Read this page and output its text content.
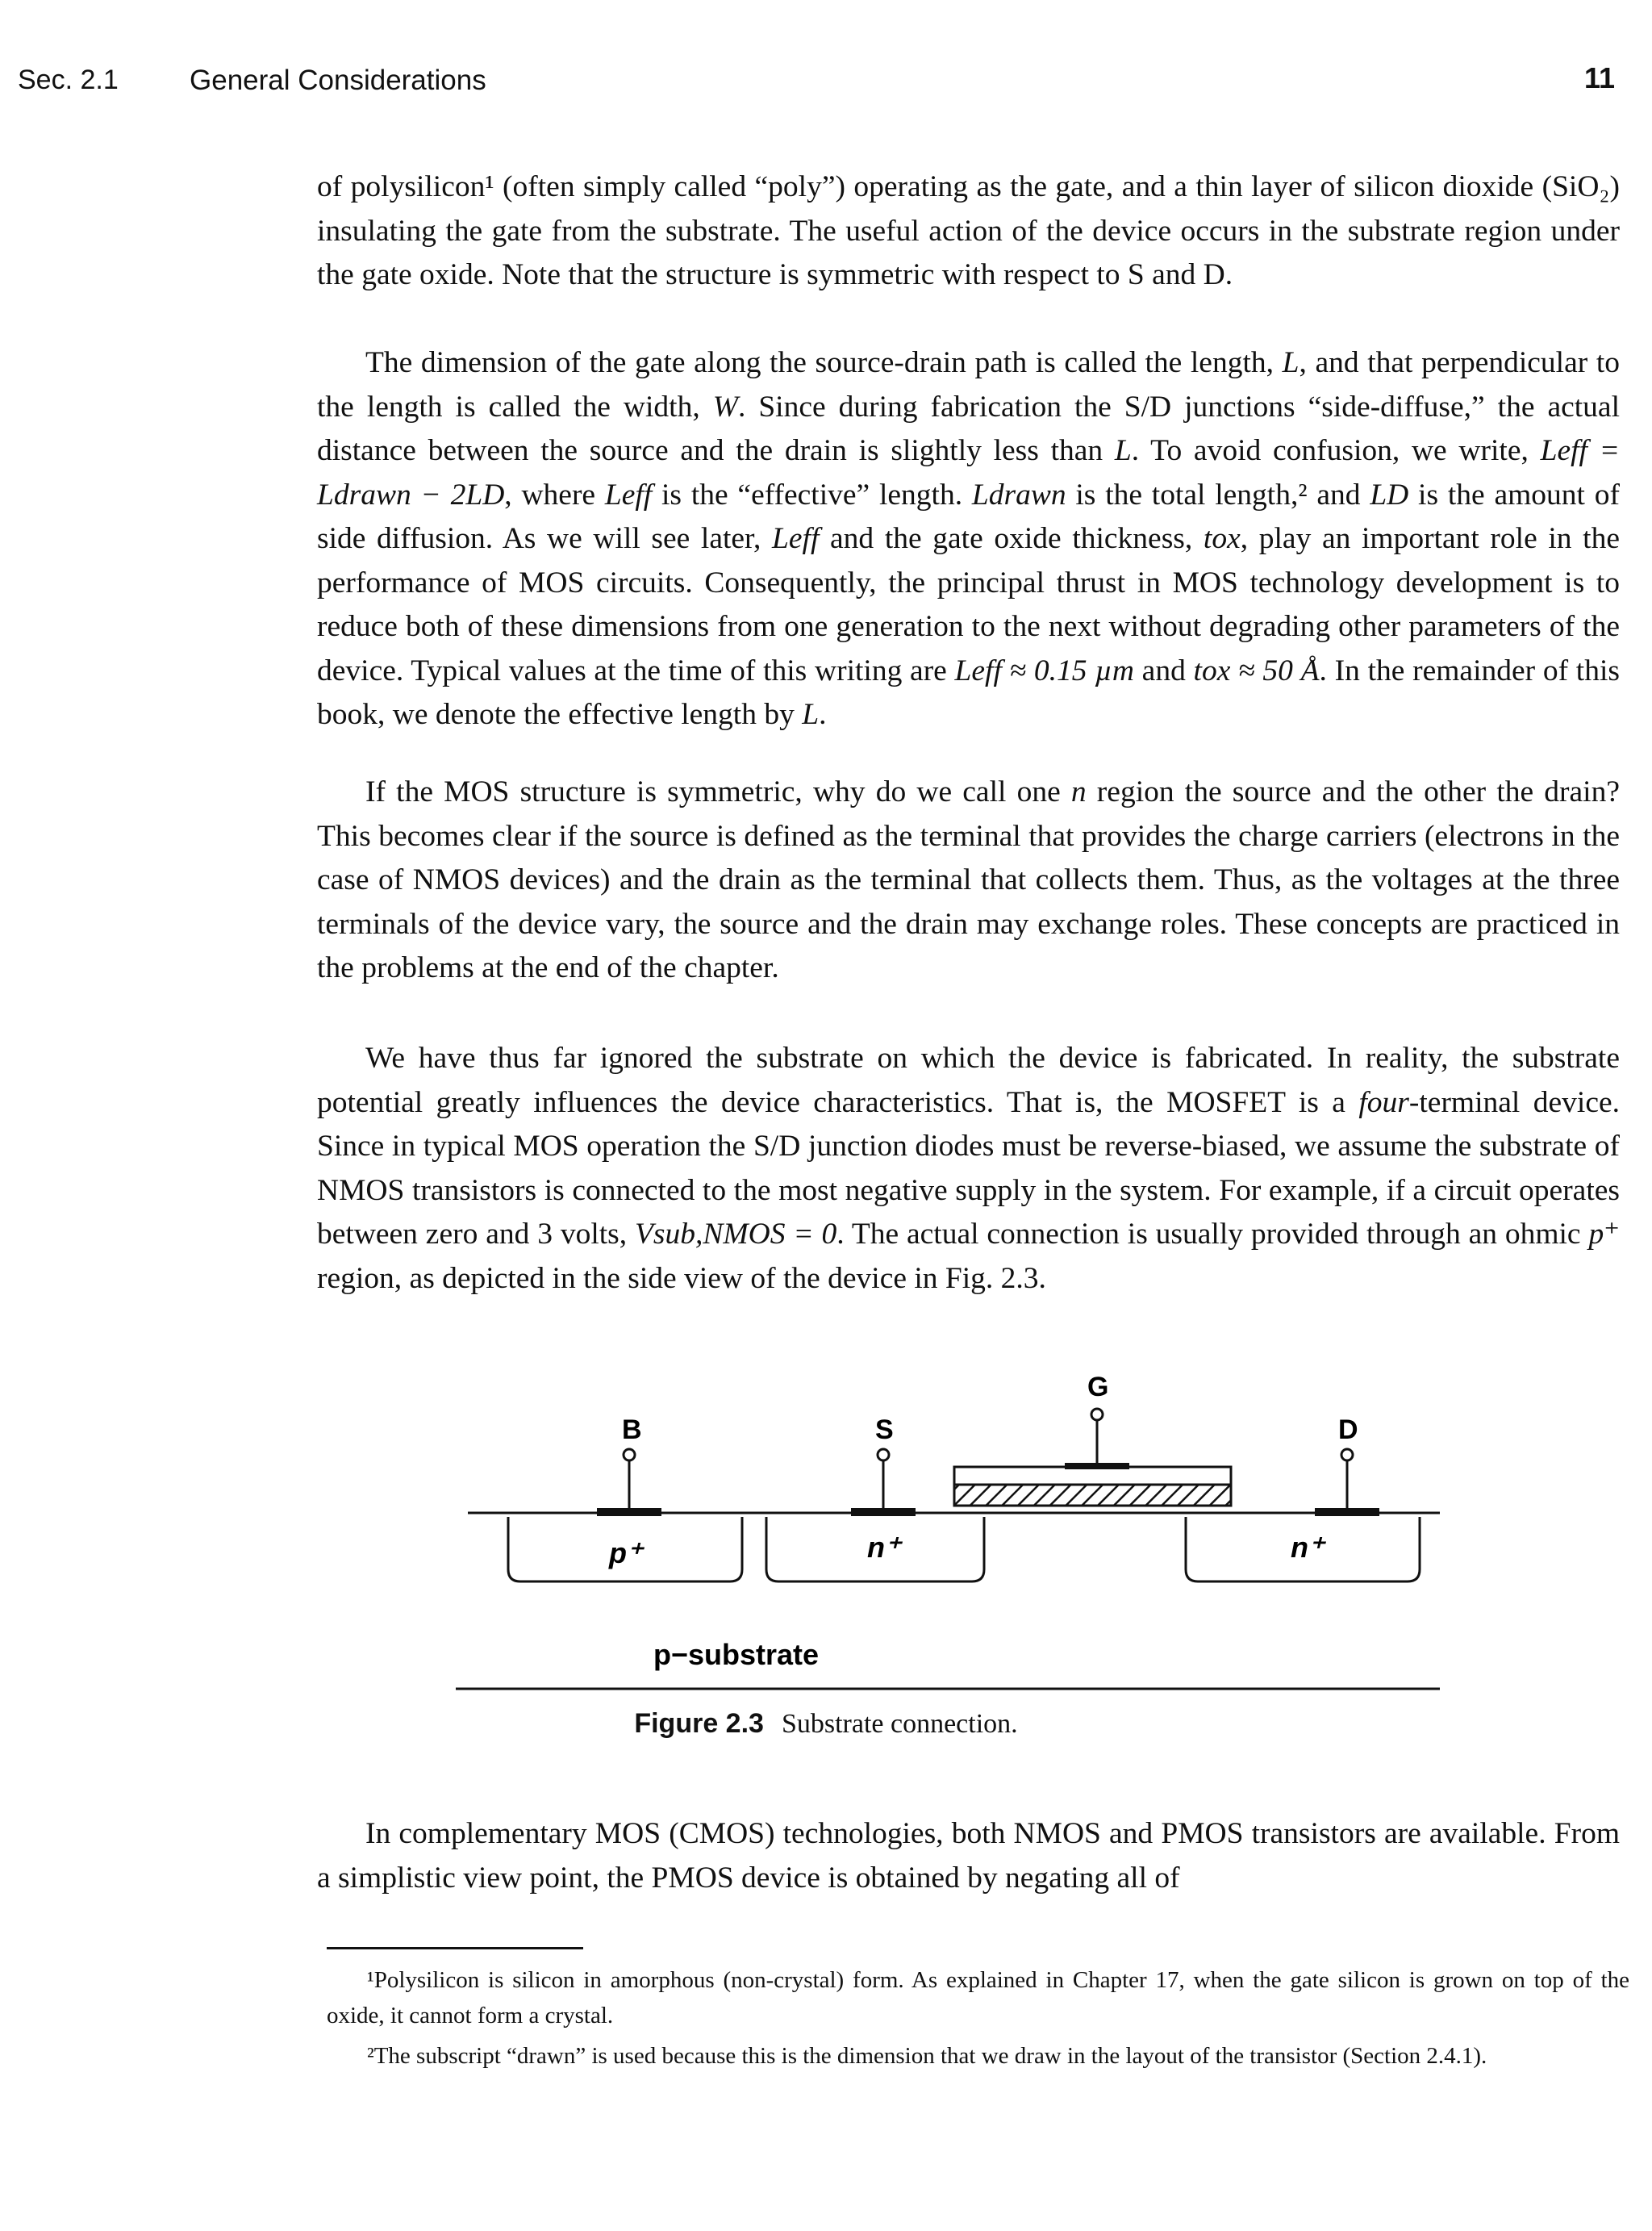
Sec. 2.1	General Considerations	11

of polysilicon¹ (often simply called “poly”) operating as the gate, and a thin layer of silicon dioxide (SiO₂) insulating the gate from the substrate. The useful action of the device occurs in the substrate region under the gate oxide. Note that the structure is symmetric with respect to S and D.

The dimension of the gate along the source-drain path is called the length, L, and that perpendicular to the length is called the width, W. Since during fabrication the S/D junctions “side-diffuse,” the actual distance between the source and the drain is slightly less than L. To avoid confusion, we write, Leff = Ldrawn − 2LD, where Leff is the “effective” length. Ldrawn is the total length,² and LD is the amount of side diffusion. As we will see later, Leff and the gate oxide thickness, tox, play an important role in the performance of MOS circuits. Consequently, the principal thrust in MOS technology development is to reduce both of these dimensions from one generation to the next without degrading other parameters of the device. Typical values at the time of this writing are Leff ≈ 0.15 µm and tox ≈ 50 Å. In the remainder of this book, we denote the effective length by L.

If the MOS structure is symmetric, why do we call one n region the source and the other the drain? This becomes clear if the source is defined as the terminal that provides the charge carriers (electrons in the case of NMOS devices) and the drain as the terminal that collects them. Thus, as the voltages at the three terminals of the device vary, the source and the drain may exchange roles. These concepts are practiced in the problems at the end of the chapter.

We have thus far ignored the substrate on which the device is fabricated. In reality, the substrate potential greatly influences the device characteristics. That is, the MOSFET is a four-terminal device. Since in typical MOS operation the S/D junction diodes must be reverse-biased, we assume the substrate of NMOS transistors is connected to the most negative supply in the system. For example, if a circuit operates between zero and 3 volts, Vsub,NMOS = 0. The actual connection is usually provided through an ohmic p⁺ region, as depicted in the side view of the device in Fig. 2.3.

B	S
G
D
p⁺	n⁺	n⁺
p−substrate
Figure 2.3 Substrate connection.

In complementary MOS (CMOS) technologies, both NMOS and PMOS transistors are available. From a simplistic view point, the PMOS device is obtained by negating all of

¹Polysilicon is silicon in amorphous (non-crystal) form. As explained in Chapter 17, when the gate silicon is grown on top of the oxide, it cannot form a crystal.

²The subscript “drawn” is used because this is the dimension that we draw in the layout of the transistor (Section 2.4.1).
